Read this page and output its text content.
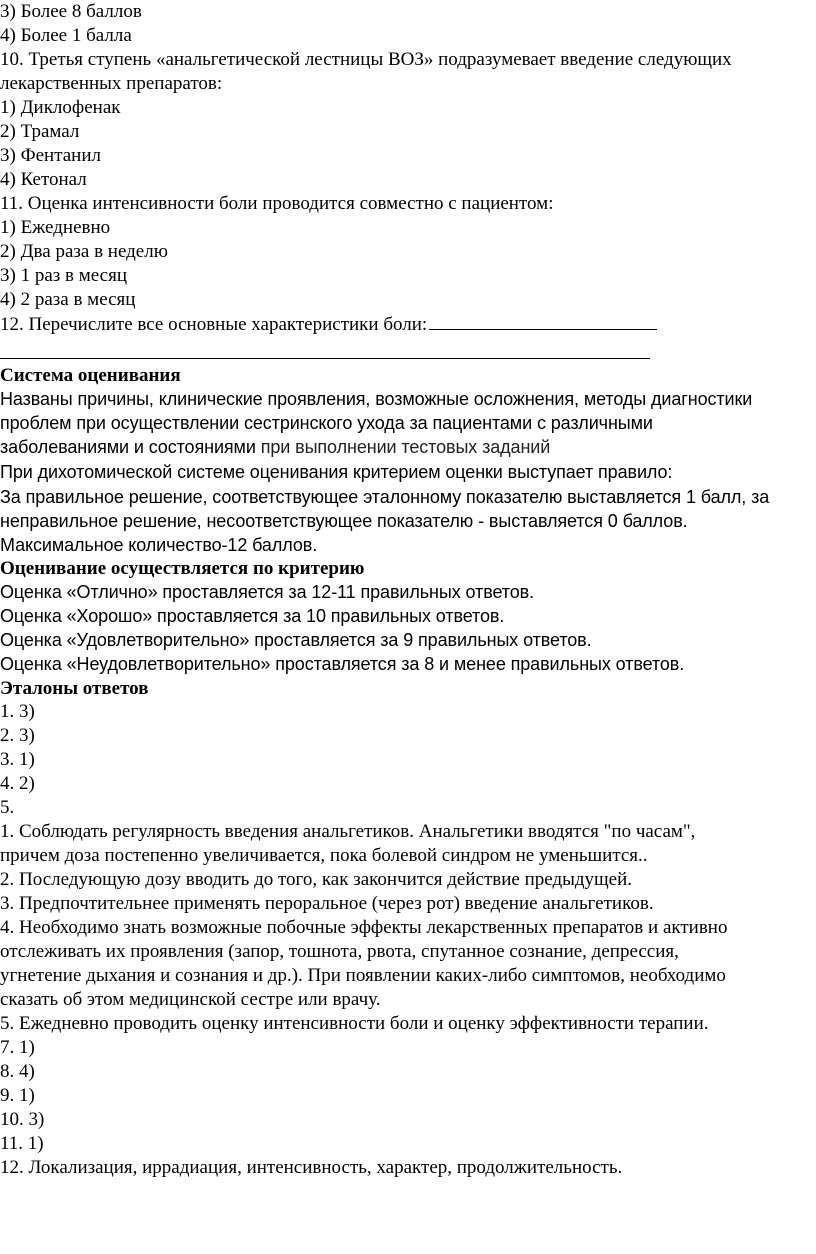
3) Более 8 баллов
4) Более 1 балла
10. Третья ступень «анальгетической лестницы ВОЗ» подразумевает введение следующих
лекарственных препаратов:
1) Диклофенак
2) Трамал
3) Фентанил
4) Кетонал
11. Оценка интенсивности боли проводится совместно с пациентом:
1) Ежедневно
2) Два раза в неделю
3) 1 раз в месяц
4) 2 раза в месяц
12. Перечислите все основные характеристики боли:
Система оценивания
Названы причины, клинические проявления, возможные осложнения, методы диагностики
проблем при осуществлении сестринского ухода за пациентами с различными
заболеваниями и состояниями при выполнении тестовых заданий
При дихотомической системе оценивания критерием оценки выступает правило:
За правильное решение, соответствующее эталонному показателю выставляется 1 балл, за
неправильное решение, несоответствующее показателю - выставляется 0 баллов.
Максимальное количество-12 баллов.
Оценивание осуществляется по критерию
Оценка «Отлично» проставляется за 12-11 правильных ответов.
Оценка «Хорошо» проставляется за 10 правильных ответов.
Оценка «Удовлетворительно» проставляется за 9 правильных ответов.
Оценка «Неудовлетворительно» проставляется за 8 и менее правильных ответов.
Эталоны ответов
1. 3)
2. 3)
3. 1)
4. 2)
5.
1. Соблюдать регулярность введения анальгетиков. Анальгетики вводятся "по часам",
причем доза постепенно увеличивается, пока болевой синдром не уменьшится..
2. Последующую дозу вводить до того, как закончится действие предыдущей.
3. Предпочтительнее применять пероральное (через рот) введение анальгетиков.
4. Необходимо знать возможные побочные эффекты лекарственных препаратов и активно
отслеживать их проявления (запор, тошнота, рвота, спутанное сознание, депрессия,
угнетение дыхания и сознания и др.). При появлении каких-либо симптомов, необходимо
сказать об этом медицинской сестре или врачу.
5. Ежедневно проводить оценку интенсивности боли и оценку эффективности терапии.
7. 1)
8. 4)
9. 1)
10. 3)
11. 1)
12. Локализация, иррадиация, интенсивность, характер, продолжительность.
